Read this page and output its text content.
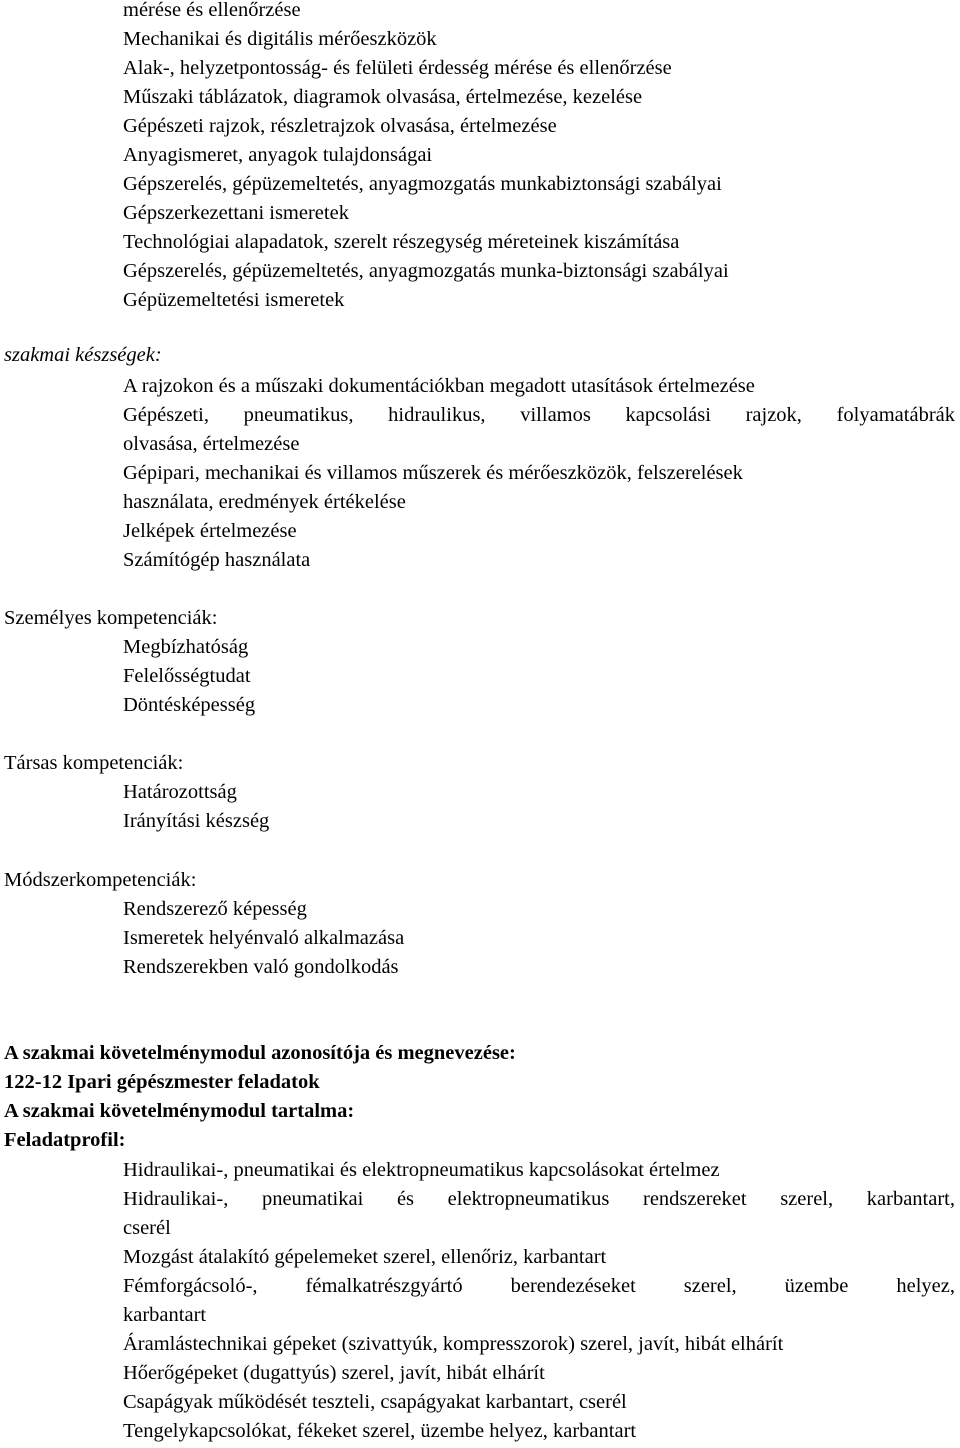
mérése és ellenőrzése
Mechanikai és digitális mérőeszközök
Alak-, helyzetpontosság- és felületi érdesség mérése és ellenőrzése
Műszaki táblázatok, diagramok olvasása, értelmezése, kezelése
Gépészeti rajzok, részletrajzok olvasása, értelmezése
Anyagismeret, anyagok tulajdonságai
Gépszerelés, gépüzemeltetés, anyagmozgatás munkabiztonsági szabályai
Gépszerkezettani ismeretek
Technológiai alapadatok, szerelt részegység méreteinek kiszámítása
Gépszerelés, gépüzemeltetés, anyagmozgatás munka-biztonsági szabályai
Gépüzemeltetési ismeretek
szakmai készségek:
A rajzokon és a műszaki dokumentációkban megadott utasítások értelmezése
Gépészeti, pneumatikus, hidraulikus, villamos kapcsolási rajzok, folyamatábrák
olvasása, értelmezése
Gépipari, mechanikai és villamos műszerek és mérőeszközök, felszerelések
használata, eredmények értékelése
Jelképek értelmezése
Számítógép használata
Személyes kompetenciák:
Megbízhatóság
Felelősségtudat
Döntésképesség
Társas kompetenciák:
Határozottság
Irányítási készség
Módszerkompetenciák:
Rendszerező képesség
Ismeretek helyénvaló alkalmazása
Rendszerekben való gondolkodás
A szakmai követelménymodul azonosítója és megnevezése:
122-12 Ipari gépészmester feladatok
A szakmai követelménymodul tartalma:
Feladatprofil:
Hidraulikai-, pneumatikai és elektropneumatikus kapcsolásokat értelmez
Hidraulikai-, pneumatikai és elektropneumatikus rendszereket szerel, karbantart,
cserél
Mozgást átalakító gépelemeket szerel, ellenőriz, karbantart
Fémforgácsoló-, fémalkatrészgyártó berendezéseket szerel, üzembe helyez,
karbantart
Áramlástechnikai gépeket (szivattyúk, kompresszorok) szerel, javít, hibát elhárít
Hőerőgépeket (dugattyús) szerel, javít, hibát elhárít
Csapágyak működését teszteli, csapágyakat karbantart, cserél
Tengelykapcsolókat, fékeket szerel, üzembe helyez, karbantart
